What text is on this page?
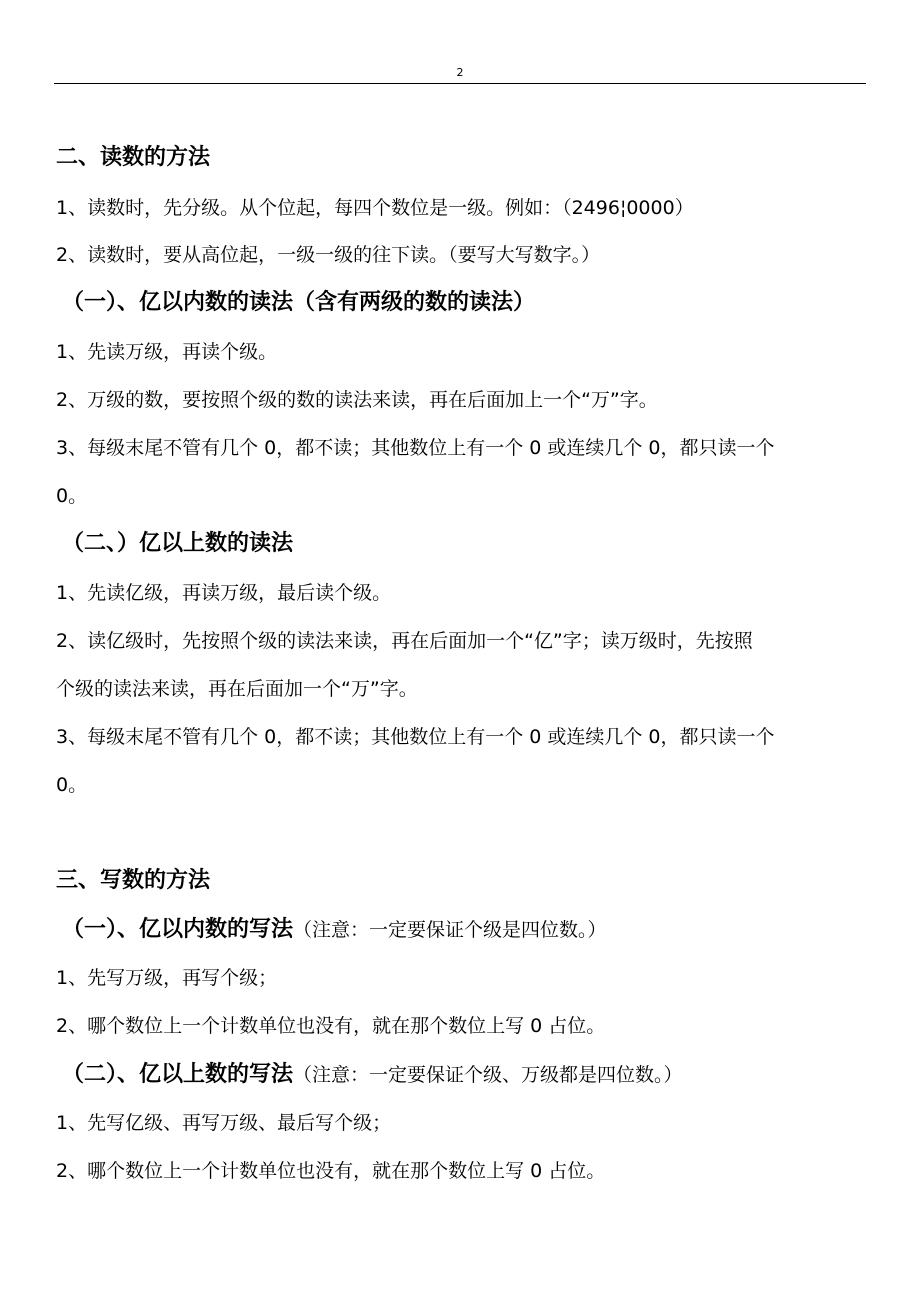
2
二、读数的方法
1、读数时，先分级。从个位起，每四个数位是一级。例如：（2496¦0000）
2、读数时，要从高位起，一级一级的往下读。（要写大写数字。）
（一）、亿以内数的读法（含有两级的数的读法）
1、先读万级，再读个级。
2、万级的数，要按照个级的数的读法来读，再在后面加上一个“万”字。
3、每级末尾不管有几个 0，都不读；其他数位上有一个 0 或连续几个 0，都只读一个
0。
（二、）亿以上数的读法
1、先读亿级，再读万级，最后读个级。
2、读亿级时，先按照个级的读法来读，再在后面加一个“亿”字；读万级时，先按照
个级的读法来读，再在后面加一个“万”字。
3、每级末尾不管有几个 0，都不读；其他数位上有一个 0 或连续几个 0，都只读一个
0。
三、写数的方法
（一）、亿以内数的写法（注意：一定要保证个级是四位数。）
1、先写万级，再写个级；
2、哪个数位上一个计数单位也没有，就在那个数位上写 0 占位。
（二）、亿以上数的写法（注意：一定要保证个级、万级都是四位数。）
1、先写亿级、再写万级、最后写个级；
2、哪个数位上一个计数单位也没有，就在那个数位上写 0 占位。
